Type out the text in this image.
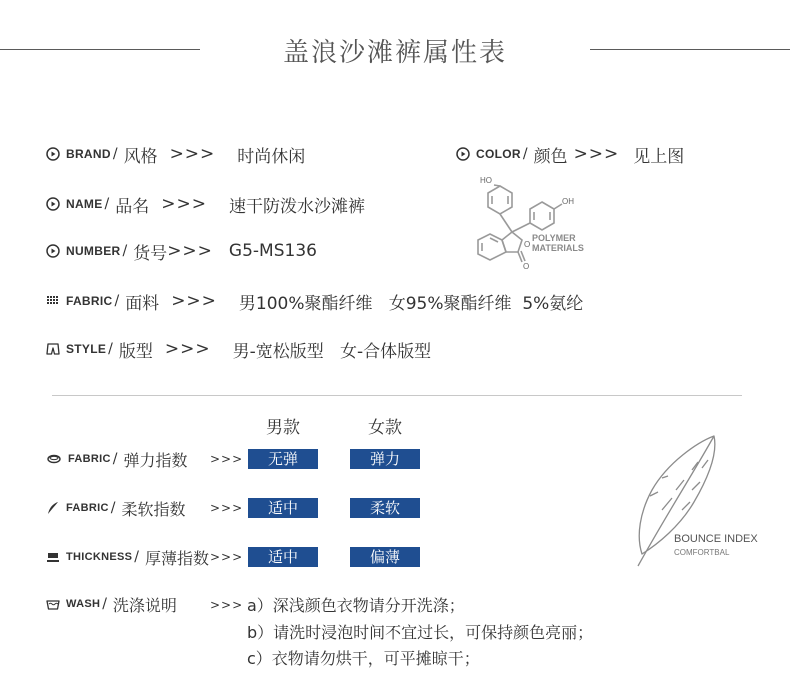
盖浪沙滩裤属性表
BRAND / 风格 >>> 时尚休闲	COLOR / 颜色 >>> 见上图
NAME / 品名 >>> 速干防泼水沙滩裤
NUMBER / 货号 >>> G5-MS136
FABRIC / 面料 >>> 男100%聚酯纤维   女95%聚酯纤维  5%氨纶
STYLE / 版型 >>> 男-宽松版型   女-合体版型
HO
OH
O
O
POLYMER
MATERIALS
男款	女款
FABRIC / 弹力指数 >>>	无弹	弹力
FABRIC / 柔软指数 >>>	适中	柔软
THICKNESS / 厚薄指数 >>>	适中	偏薄
WASH / 洗涤说明	>>> a）深浅颜色衣物请分开洗涤；
b）请洗时浸泡时间不宜过长，可保持颜色亮丽；
c）衣物请勿烘干，可平摊晾干；
BOUNCE INDEX
COMFORTBAL
